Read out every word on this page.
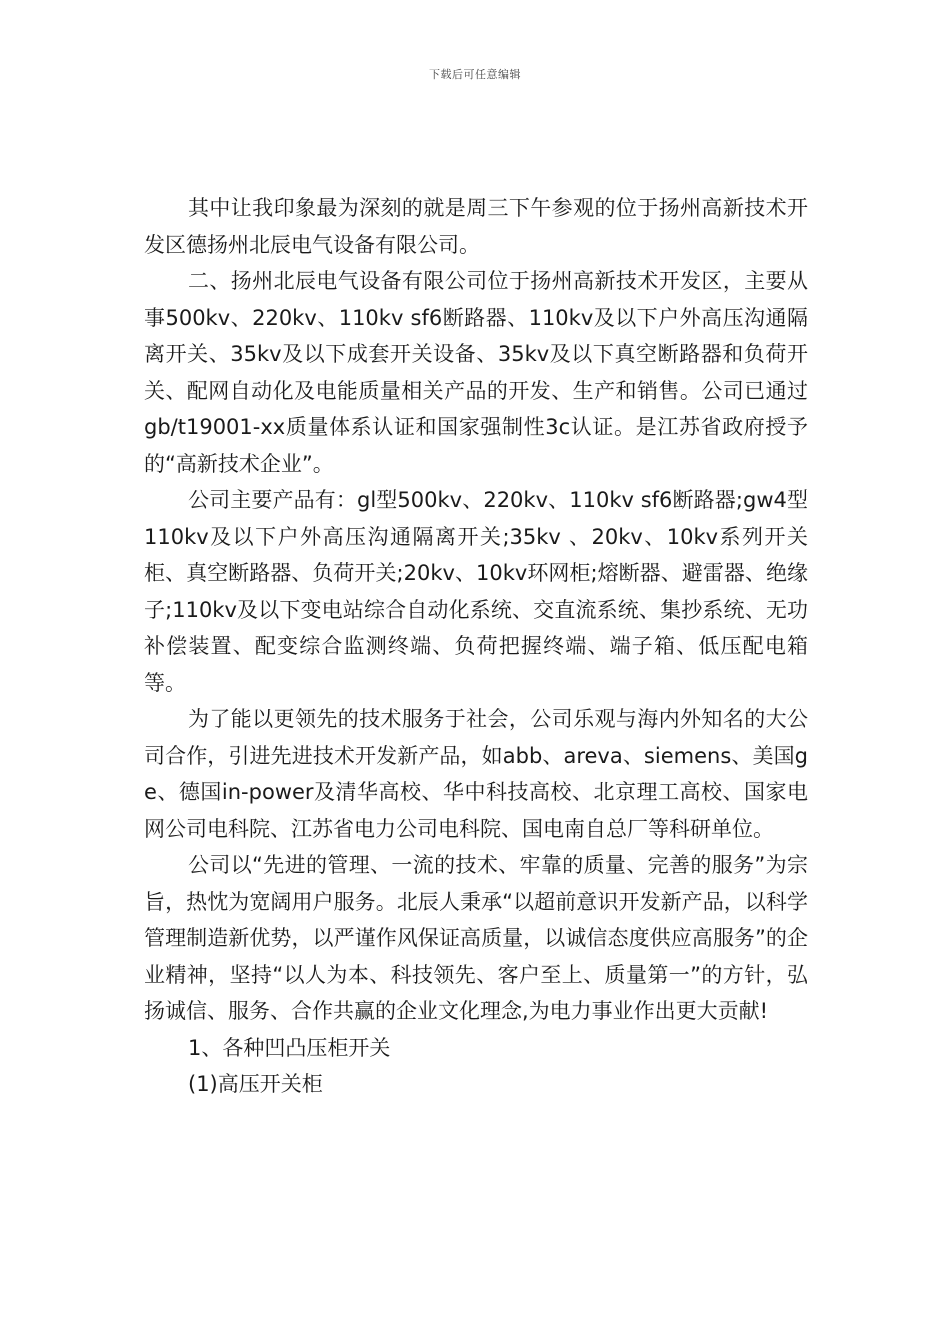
下载后可任意编辑

其中让我印象最为深刻的就是周三下午参观的位于扬州高新技术开发区德扬州北辰电气设备有限公司。

二、扬州北辰电气设备有限公司位于扬州高新技术开发区，主要从事500kv、220kv、110kv sf6断路器、110kv及以下户外高压沟通隔离开关、35kv及以下成套开关设备、35kv及以下真空断路器和负荷开关、配网自动化及电能质量相关产品的开发、生产和销售。公司已通过gb/t19001-xx质量体系认证和国家强制性3c认证。是江苏省政府授予的“高新技术企业”。

公司主要产品有：gl型500kv、220kv、110kv sf6断路器;gw4型110kv及以下户外高压沟通隔离开关;35kv 、20kv、10kv系列开关柜、真空断路器、负荷开关;20kv、10kv环网柜;熔断器、避雷器、绝缘子;110kv及以下变电站综合自动化系统、交直流系统、集抄系统、无功补偿装置、配变综合监测终端、负荷把握终端、端子箱、低压配电箱等。

为了能以更领先的技术服务于社会，公司乐观与海内外知名的大公司合作，引进先进技术开发新产品，如abb、areva、siemens、美国ge、德国in-power及清华高校、华中科技高校、北京理工高校、国家电网公司电科院、江苏省电力公司电科院、国电南自总厂等科研单位。

公司以“先进的管理、一流的技术、牢靠的质量、完善的服务”为宗旨，热忱为宽阔用户服务。北辰人秉承“以超前意识开发新产品，以科学管理制造新优势，以严谨作风保证高质量，以诚信态度供应高服务”的企业精神，坚持“以人为本、科技领先、客户至上、质量第一”的方针，弘扬诚信、服务、合作共赢的企业文化理念,为电力事业作出更大贡献!

1、各种凹凸压柜开关

(1)高压开关柜
